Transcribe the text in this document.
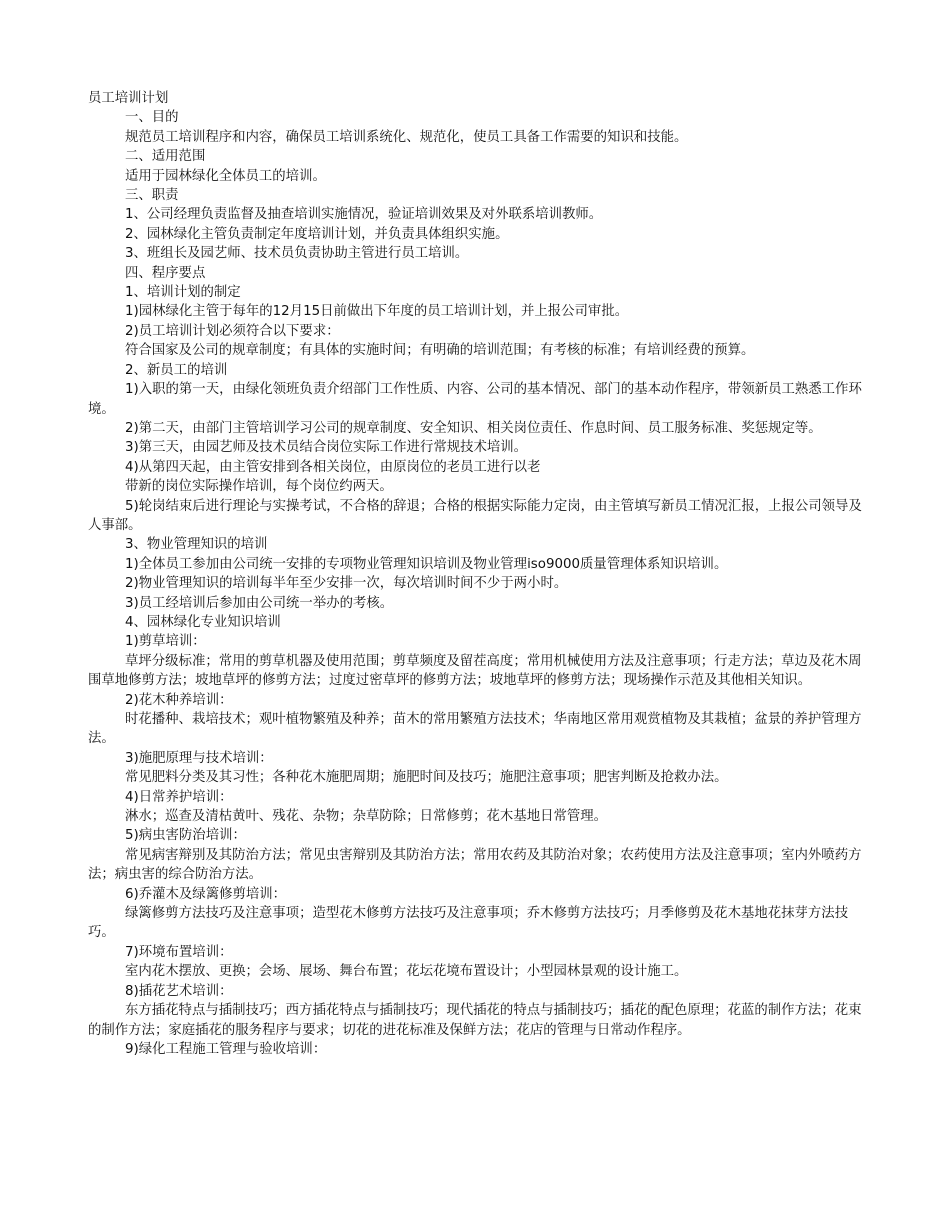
员工培训计划

一、目的

规范员工培训程序和内容，确保员工培训系统化、规范化，使员工具备工作需要的知识和技能。

二、适用范围

适用于园林绿化全体员工的培训。

三、职责

1、公司经理负责监督及抽查培训实施情况，验证培训效果及对外联系培训教师。

2、园林绿化主管负责制定年度培训计划，并负责具体组织实施。

3、班组长及园艺师、技术员负责协助主管进行员工培训。

四、程序要点

1、培训计划的制定

1)园林绿化主管于每年的12月15日前做出下年度的员工培训计划，并上报公司审批。

2)员工培训计划必须符合以下要求：

符合国家及公司的规章制度；有具体的实施时间；有明确的培训范围；有考核的标准；有培训经费的预算。

2、新员工的培训

1)入职的第一天，由绿化领班负责介绍部门工作性质、内容、公司的基本情况、部门的基本动作程序，带领新员工熟悉工作环境。

2)第二天，由部门主管培训学习公司的规章制度、安全知识、相关岗位责任、作息时间、员工服务标准、奖惩规定等。

3)第三天，由园艺师及技术员结合岗位实际工作进行常规技术培训。

4)从第四天起，由主管安排到各相关岗位，由原岗位的老员工进行以老

带新的岗位实际操作培训，每个岗位约两天。

5)轮岗结束后进行理论与实操考试，不合格的辞退；合格的根据实际能力定岗，由主管填写新员工情况汇报，上报公司领导及人事部。

3、物业管理知识的培训

1)全体员工参加由公司统一安排的专项物业管理知识培训及物业管理iso9000质量管理体系知识培训。

2)物业管理知识的培训每半年至少安排一次，每次培训时间不少于两小时。

3)员工经培训后参加由公司统一举办的考核。

4、园林绿化专业知识培训

1)剪草培训：

草坪分级标准；常用的剪草机器及使用范围；剪草频度及留茬高度；常用机械使用方法及注意事项；行走方法；草边及花木周围草地修剪方法；坡地草坪的修剪方法；过度过密草坪的修剪方法；坡地草坪的修剪方法；现场操作示范及其他相关知识。

2)花木种养培训：

时花播种、栽培技术；观叶植物繁殖及种养；苗木的常用繁殖方法技术；华南地区常用观赏植物及其栽植；盆景的养护管理方法。

3)施肥原理与技术培训：

常见肥料分类及其习性；各种花木施肥周期；施肥时间及技巧；施肥注意事项；肥害判断及抢救办法。

4)日常养护培训：

淋水；巡查及清枯黄叶、残花、杂物；杂草防除；日常修剪；花木基地日常管理。

5)病虫害防治培训：

常见病害辩别及其防治方法；常见虫害辩别及其防治方法；常用农药及其防治对象；农药使用方法及注意事项；室内外喷药方法；病虫害的综合防治方法。

6)乔灌木及绿篱修剪培训：

绿篱修剪方法技巧及注意事项；造型花木修剪方法技巧及注意事项；乔木修剪方法技巧；月季修剪及花木基地花抹芽方法技巧。

7)环境布置培训：

室内花木摆放、更换；会场、展场、舞台布置；花坛花境布置设计；小型园林景观的设计施工。

8)插花艺术培训：

东方插花特点与插制技巧；西方插花特点与插制技巧；现代插花的特点与插制技巧；插花的配色原理；花蓝的制作方法；花束的制作方法；家庭插花的服务程序与要求；切花的进花标准及保鲜方法；花店的管理与日常动作程序。

9)绿化工程施工管理与验收培训：
